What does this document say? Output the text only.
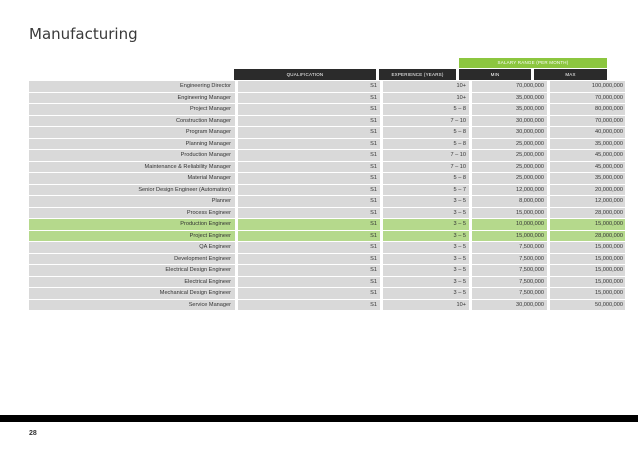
Manufacturing
SALARY RANGE (PER MONTH)
QUALIFICATION	EXPERIENCE (YEARS)	MIN	MAX
Engineering Director		S1		10+		70,000,000		100,000,000
Engineering Manager		S1		10+		35,000,000		70,000,000
Project Manager		S1		5 – 8		35,000,000		80,000,000
Construction Manager		S1		7 – 10		30,000,000		70,000,000
Program Manager		S1		5 – 8		30,000,000		40,000,000
Planning Manager		S1		5 – 8		25,000,000		35,000,000
Production Manager		S1		7 – 10		25,000,000		45,000,000
Maintenance & Reliability Manager		S1		7 – 10		25,000,000		45,000,000
Material Manager		S1		5 – 8		25,000,000		35,000,000
Senior Design Engineer (Automation)		S1		5 – 7		12,000,000		20,000,000
Planner		S1		3 – 5		8,000,000		12,000,000
Process Engineer		S1		3 – 5		15,000,000		28,000,000
Production Engineer		S1		3 – 5		10,000,000		15,000,000
Project Engineer		S1		3 – 5		15,000,000		28,000,000
QA Engineer		S1		3 – 5		7,500,000		15,000,000
Development Engineer		S1		3 – 5		7,500,000		15,000,000
Electrical Design Engineer		S1		3 – 5		7,500,000		15,000,000
Electrical Engineer		S1		3 – 5		7,500,000		15,000,000
Mechanical Design Engineer		S1		3 – 5		7,500,000		15,000,000
Service Manager		S1		10+		30,000,000		50,000,000
28
